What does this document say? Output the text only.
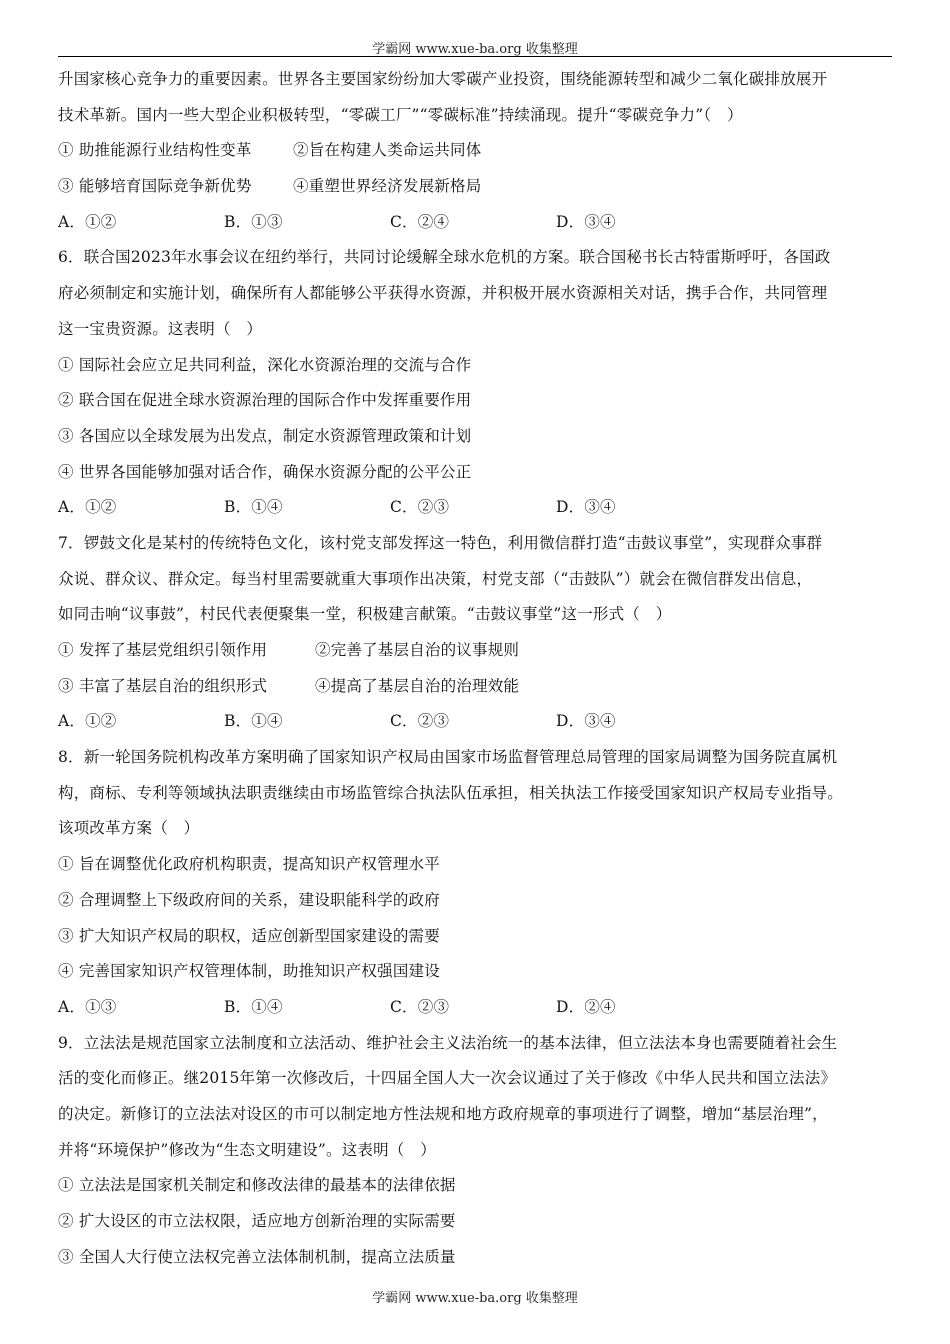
学霸网 www.xue-ba.org 收集整理
升国家核心竞争力的重要因素。世界各主要国家纷纷加大零碳产业投资，围绕能源转型和减少二氧化碳排放展开
技术革新。国内一些大型企业积极转型，“零碳工厂”“零碳标准”持续涌现。提升“零碳竞争力”（　）
① 助推能源行业结构性变革	②旨在构建人类命运共同体
③ 能够培育国际竞争新优势	④重塑世界经济发展新格局
A．①②	B．①③	C．②④	D．③④
6．联合国2023年水事会议在纽约举行，共同讨论缓解全球水危机的方案。联合国秘书长古特雷斯呼吁，各国政
府必须制定和实施计划，确保所有人都能够公平获得水资源，并积极开展水资源相关对话，携手合作，共同管理
这一宝贵资源。这表明（　）
① 国际社会应立足共同利益，深化水资源治理的交流与合作
② 联合国在促进全球水资源治理的国际合作中发挥重要作用
③ 各国应以全球发展为出发点，制定水资源管理政策和计划
④ 世界各国能够加强对话合作，确保水资源分配的公平公正
A．①②	B．①④	C．②③	D．③④
7．锣鼓文化是某村的传统特色文化，该村党支部发挥这一特色，利用微信群打造“击鼓议事堂”，实现群众事群
众说、群众议、群众定。每当村里需要就重大事项作出决策，村党支部（“击鼓队”）就会在微信群发出信息，
如同击响“议事鼓”，村民代表便聚集一堂，积极建言献策。“击鼓议事堂”这一形式（　）
① 发挥了基层党组织引领作用	②完善了基层自治的议事规则
③ 丰富了基层自治的组织形式	④提高了基层自治的治理效能
A．①②	B．①④	C．②③	D．③④
8．新一轮国务院机构改革方案明确了国家知识产权局由国家市场监督管理总局管理的国家局调整为国务院直属机
构，商标、专利等领域执法职责继续由市场监管综合执法队伍承担，相关执法工作接受国家知识产权局专业指导。
该项改革方案（　）
① 旨在调整优化政府机构职责，提高知识产权管理水平
② 合理调整上下级政府间的关系，建设职能科学的政府
③ 扩大知识产权局的职权，适应创新型国家建设的需要
④ 完善国家知识产权管理体制，助推知识产权强国建设
A．①③	B．①④	C．②③	D．②④
9．立法法是规范国家立法制度和立法活动、维护社会主义法治统一的基本法律，但立法法本身也需要随着社会生
活的变化而修正。继2015年第一次修改后，十四届全国人大一次会议通过了关于修改《中华人民共和国立法法》
的决定。新修订的立法法对设区的市可以制定地方性法规和地方政府规章的事项进行了调整，增加“基层治理”，
并将“环境保护”修改为“生态文明建设”。这表明（　）
① 立法法是国家机关制定和修改法律的最基本的法律依据
② 扩大设区的市立法权限，适应地方创新治理的实际需要
③ 全国人大行使立法权完善立法体制机制，提高立法质量
学霸网 www.xue-ba.org 收集整理
